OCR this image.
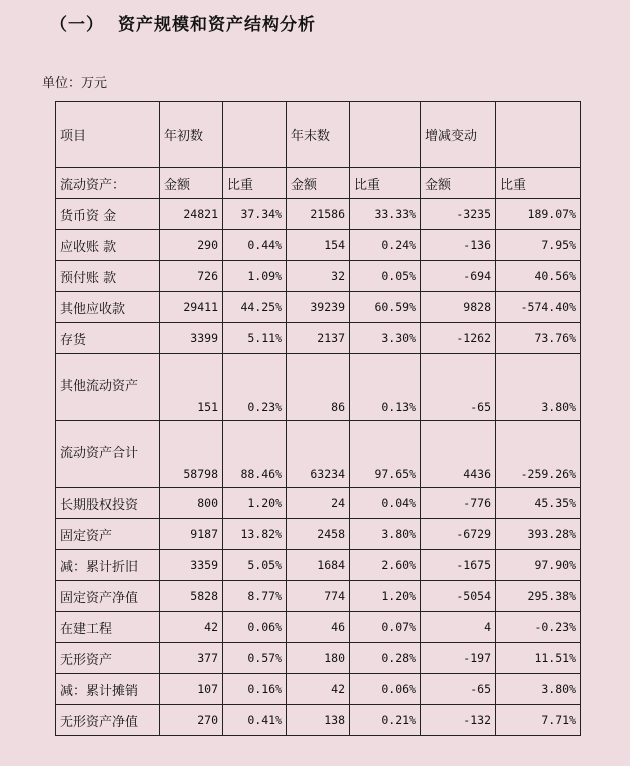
（一） 资产规模和资产结构分析
单位：万元
项目	年初数		年末数		增减变动	
流动资产：	金额	比重	金额	比重	金额	比重
货币资 金	24821	37.34%	21586	33.33%	-3235	189.07%
应收账 款	290	0.44%	154	0.24%	-136	7.95%
预付账 款	726	1.09%	32	0.05%	-694	40.56%
其他应收款	29411	44.25%	39239	60.59%	9828	-574.40%
存货	3399	5.11%	2137	3.30%	-1262	73.76%
其他流动资产	151	0.23%	86	0.13%	-65	3.80%
流动资产合计	58798	88.46%	63234	97.65%	4436	-259.26%
长期股权投资	800	1.20%	24	0.04%	-776	45.35%
固定资产	9187	13.82%	2458	3.80%	-6729	393.28%
减：累计折旧	3359	5.05%	1684	2.60%	-1675	97.90%
固定资产净值	5828	8.77%	774	1.20%	-5054	295.38%
在建工程	42	0.06%	46	0.07%	4	-0.23%
无形资产	377	0.57%	180	0.28%	-197	11.51%
减：累计摊销	107	0.16%	42	0.06%	-65	3.80%
无形资产净值	270	0.41%	138	0.21%	-132	7.71%
